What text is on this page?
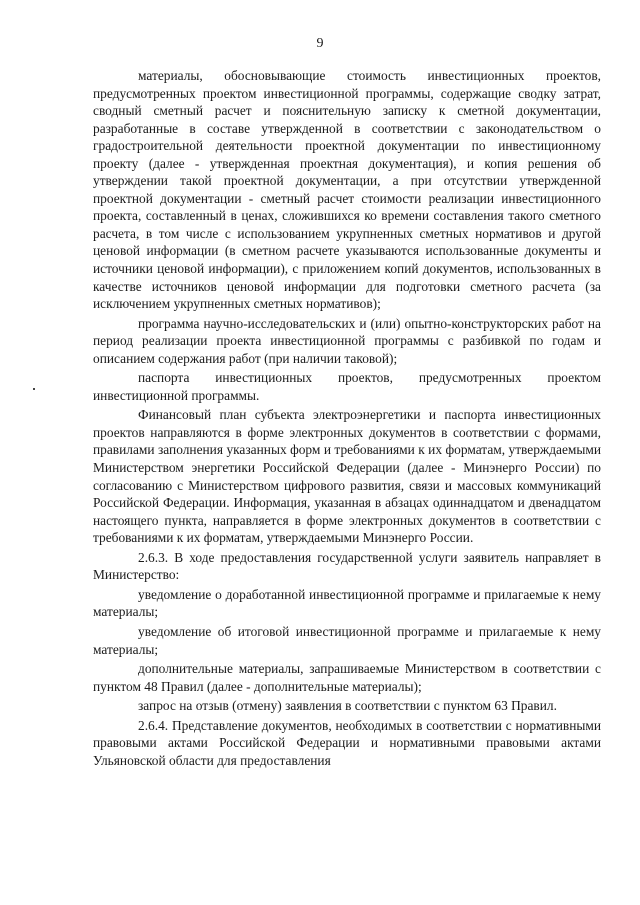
9

материалы, обосновывающие стоимость инвестиционных проектов, предусмотренных проектом инвестиционной программы, содержащие сводку затрат, сводный сметный расчет и пояснительную записку к сметной документации, разработанные в составе утвержденной в соответствии с законодательством о градостроительной деятельности проектной документации по инвестиционному проекту (далее - утвержденная проектная документация), и копия решения об утверждении такой проектной документации, а при отсутствии утвержденной проектной документации - сметный расчет стоимости реализации инвестиционного проекта, составленный в ценах, сложившихся ко времени составления такого сметного расчета, в том числе с использованием укрупненных сметных нормативов и другой ценовой информации (в сметном расчете указываются использованные документы и источники ценовой информации), с приложением копий документов, использованных в качестве источников ценовой информации для подготовки сметного расчета (за исключением укрупненных сметных нормативов);

программа научно-исследовательских и (или) опытно-конструкторских работ на период реализации проекта инвестиционной программы с разбивкой по годам и описанием содержания работ (при наличии таковой);

паспорта инвестиционных проектов, предусмотренных проектом инвестиционной программы.

Финансовый план субъекта электроэнергетики и паспорта инвестиционных проектов направляются в форме электронных документов в соответствии с формами, правилами заполнения указанных форм и требованиями к их форматам, утверждаемыми Министерством энергетики Российской Федерации (далее - Минэнерго России) по согласованию с Министерством цифрового развития, связи и массовых коммуникаций Российской Федерации. Информация, указанная в абзацах одиннадцатом и двенадцатом настоящего пункта, направляется в форме электронных документов в соответствии с требованиями к их форматам, утверждаемыми Минэнерго России.

2.6.3. В ходе предоставления государственной услуги заявитель направляет в Министерство:

уведомление о доработанной инвестиционной программе и прилагаемые к нему материалы;

уведомление об итоговой инвестиционной программе и прилагаемые к нему материалы;

дополнительные материалы, запрашиваемые Министерством в соответствии с пунктом 48 Правил (далее - дополнительные материалы);

запрос на отзыв (отмену) заявления в соответствии с пунктом 63 Правил.

2.6.4. Представление документов, необходимых в соответствии с нормативными правовыми актами Российской Федерации и нормативными правовыми актами Ульяновской области для предоставления
